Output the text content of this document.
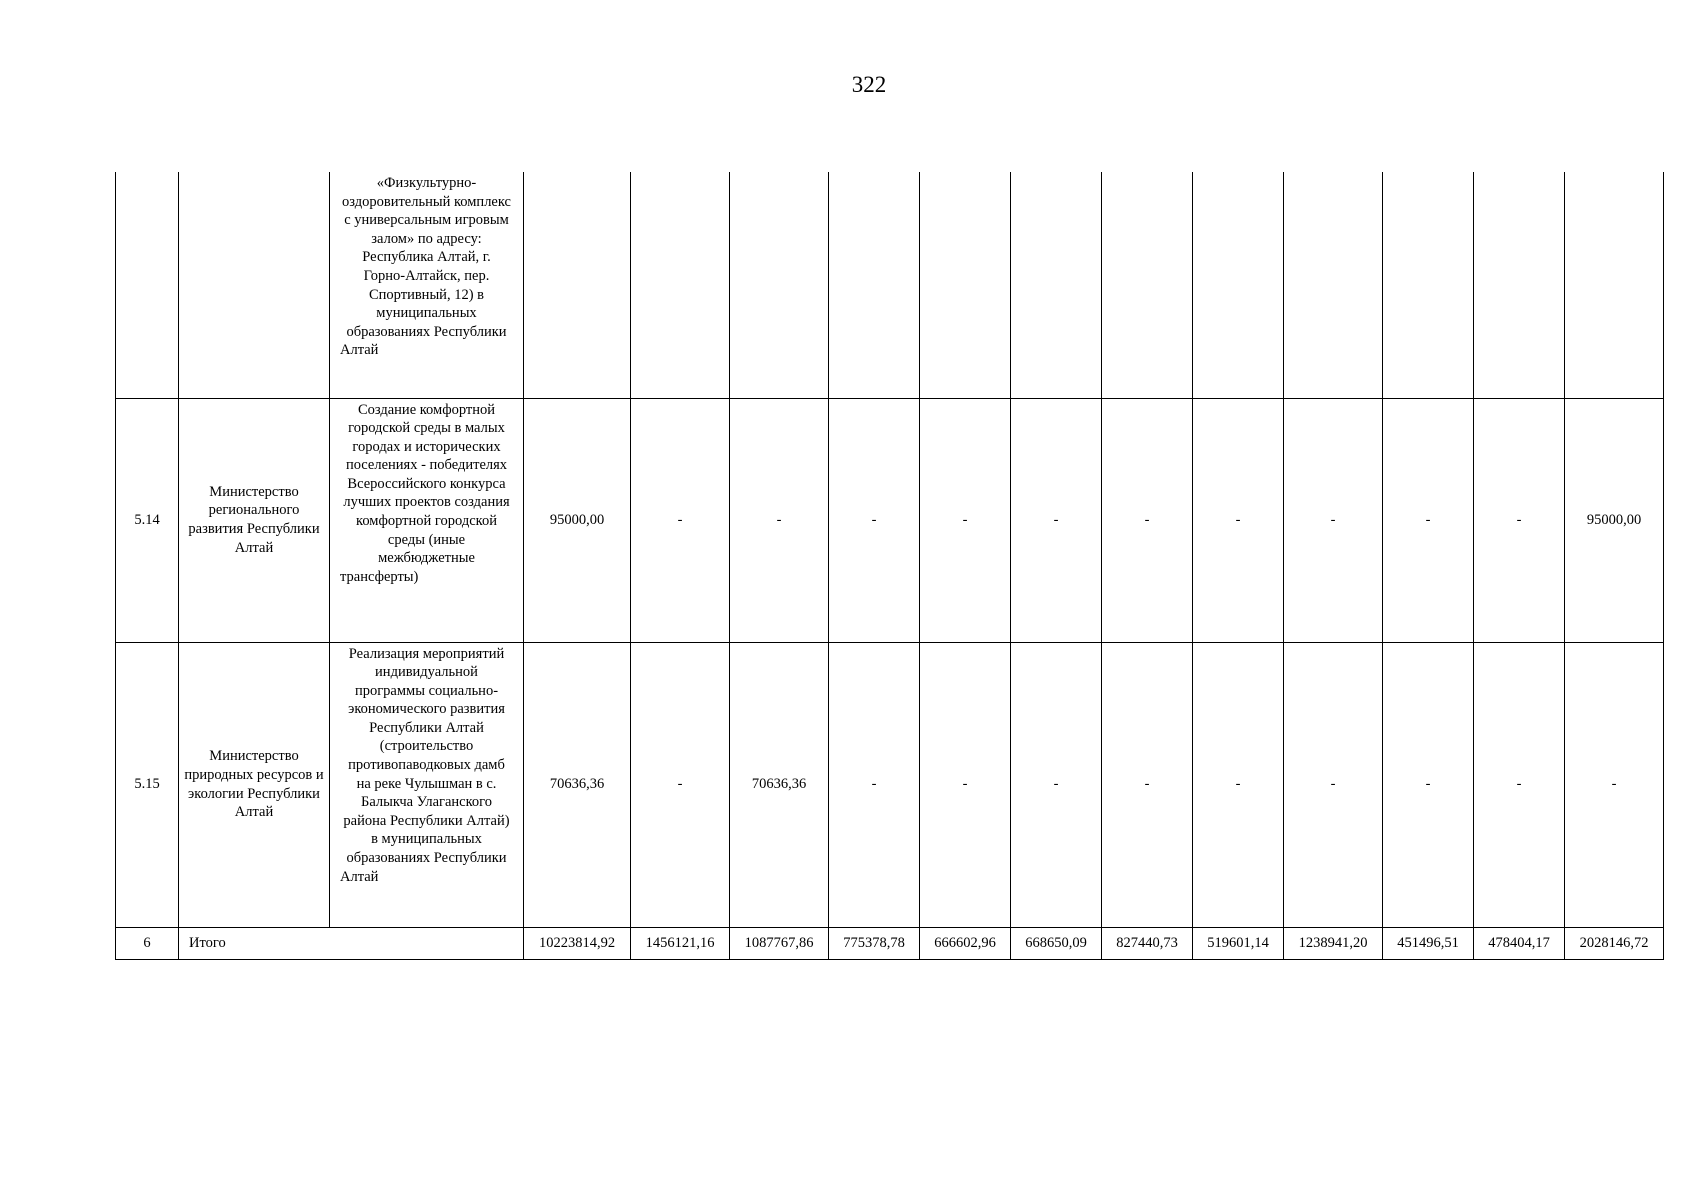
322
		«Физкультурно-оздоровительный комплекс с универсальным игровым залом» по адресу: Республика Алтай, г. Горно-Алтайск, пер. Спортивный, 12) в муниципальных образованиях Республики Алтай												
5.14	Министерство регионального развития Республики Алтай	Создание комфортной городской среды в малых городах и исторических поселениях - победителях Всероссийского конкурса лучших проектов создания комфортной городской среды (иные межбюджетные трансферты)	95000,00	-	-	-	-	-	-	-	-	-	-	95000,00
5.15	Министерство природных ресурсов и экологии Республики Алтай	Реализация мероприятий индивидуальной программы социально-экономического развития Республики Алтай (строительство противопаводковых дамб на реке Чулышман в с. Балыкча Улаганского района Республики Алтай) в муниципальных образованиях Республики Алтай	70636,36	-	70636,36	-	-	-	-	-	-	-	-	-
6	Итого		10223814,92	1456121,16	1087767,86	775378,78	666602,96	668650,09	827440,73	519601,14	1238941,20	451496,51	478404,17	2028146,72
